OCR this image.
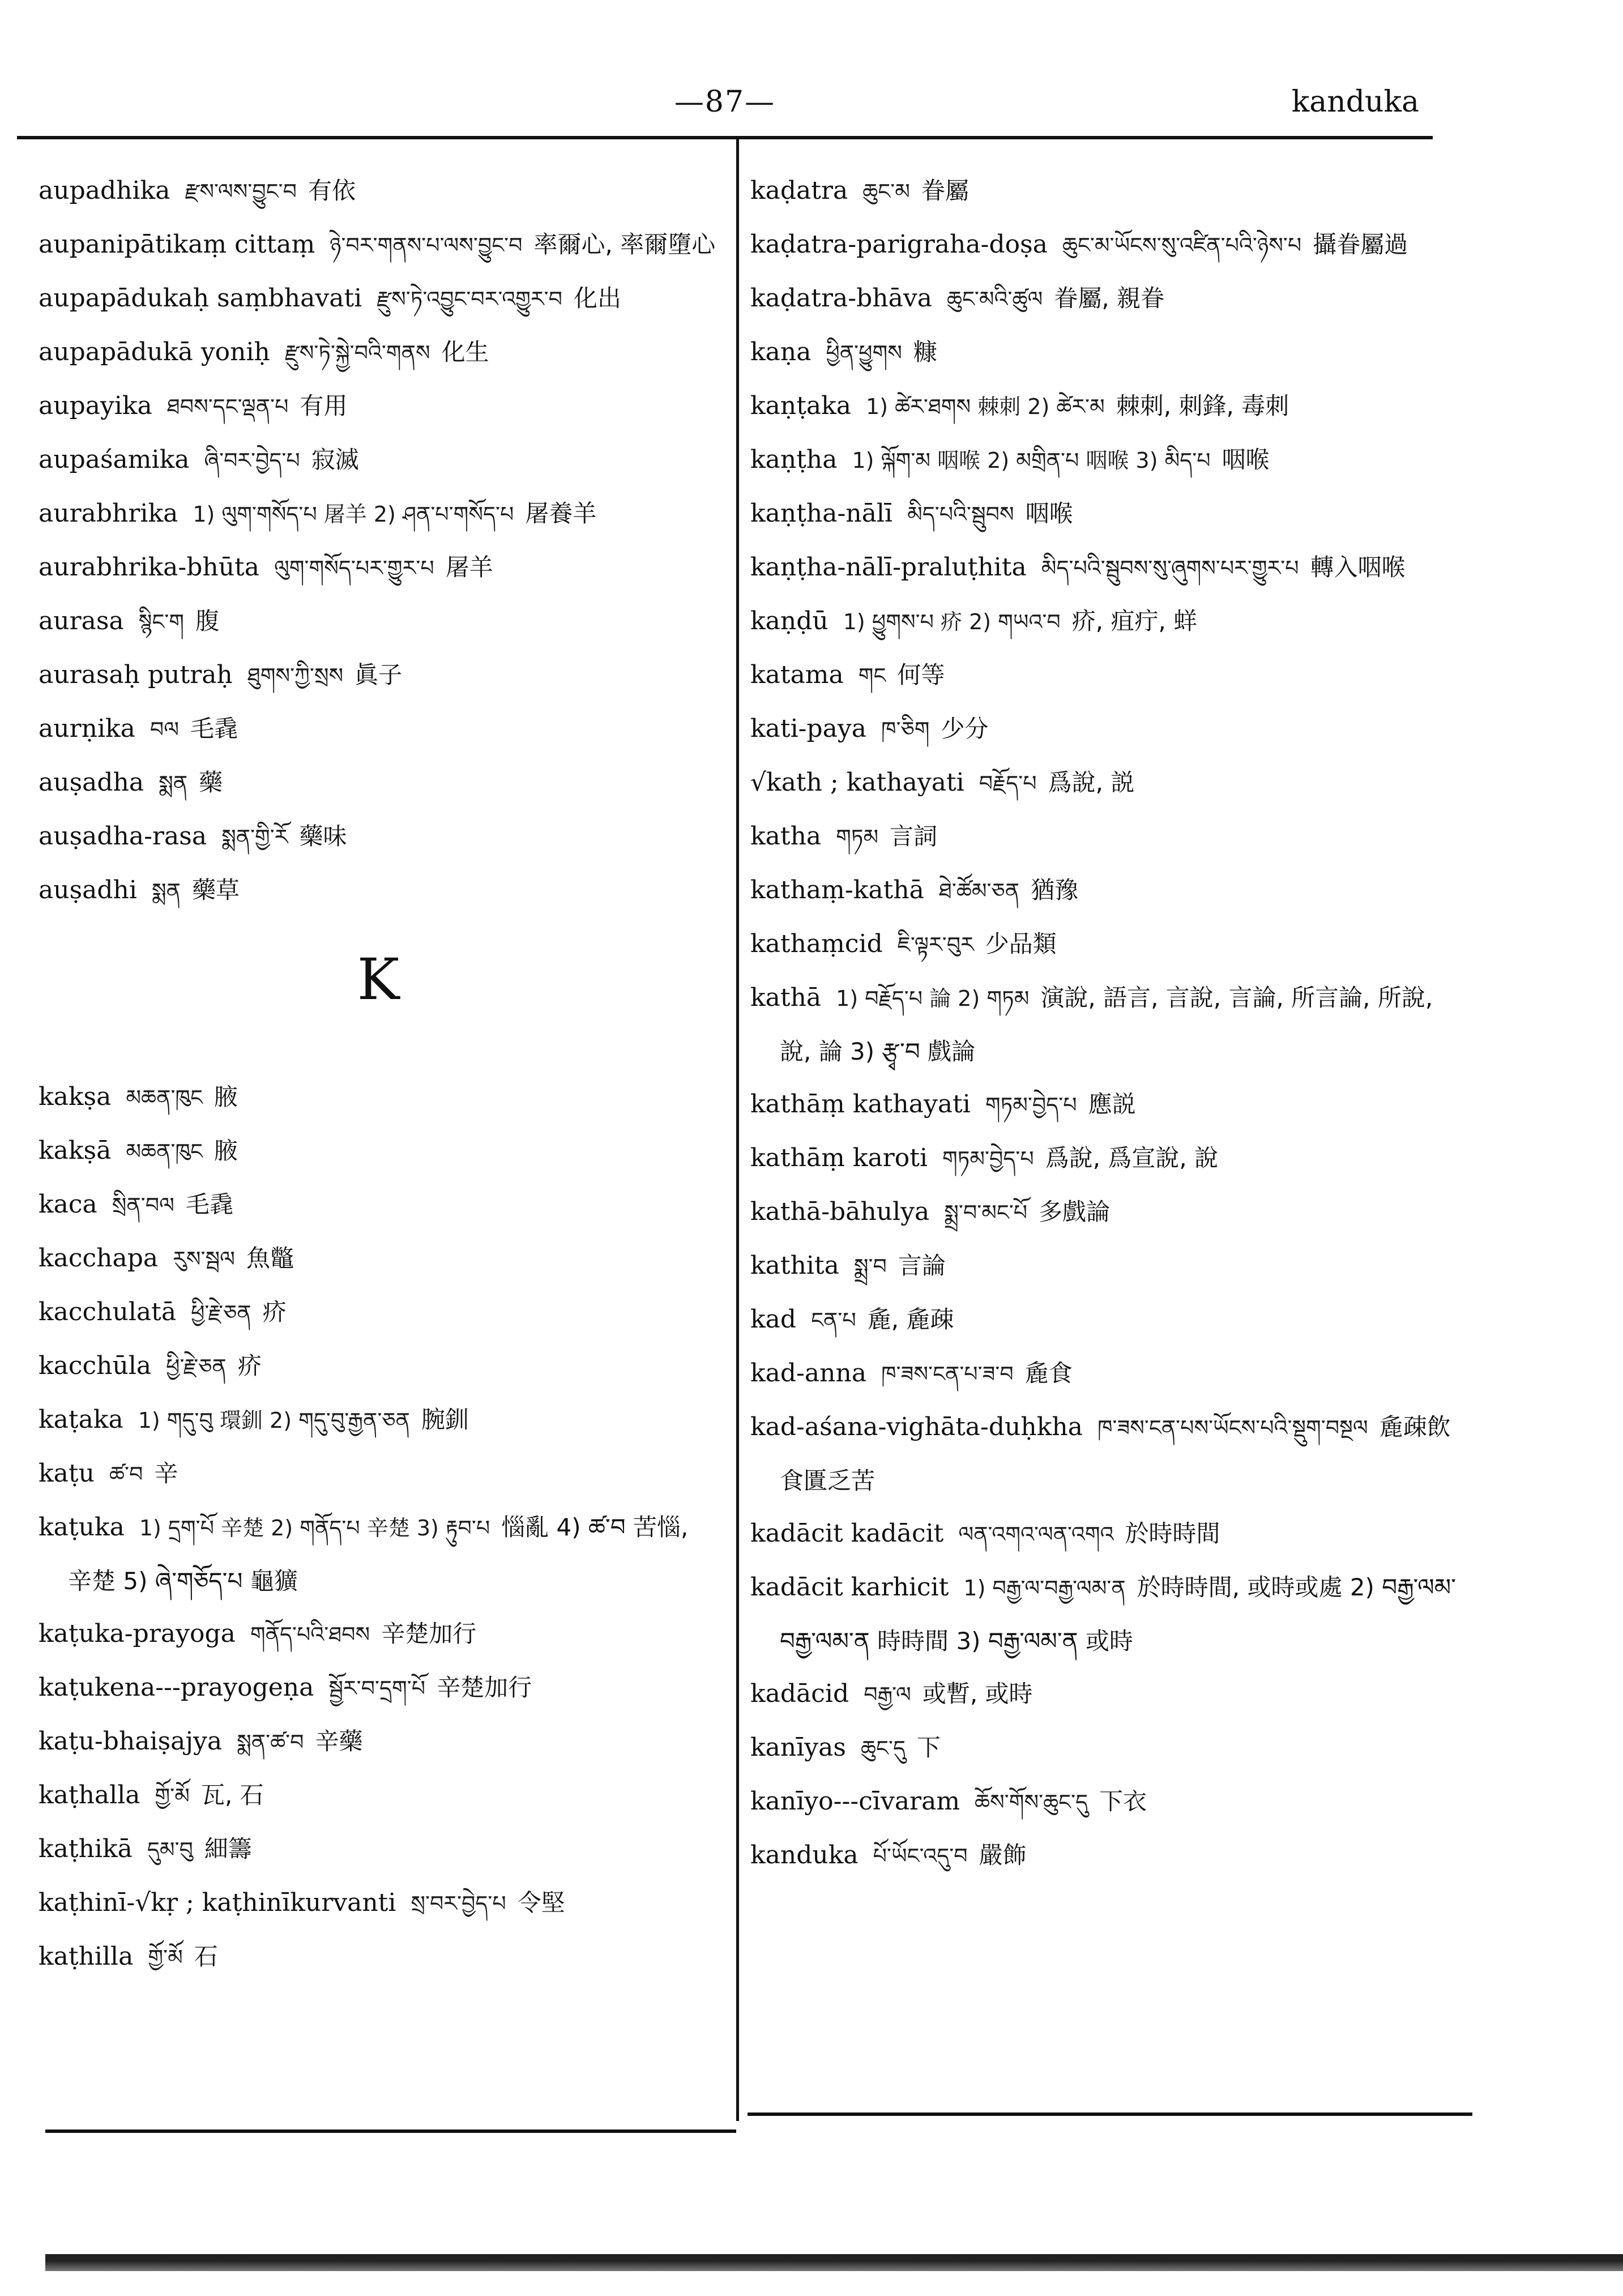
—87—	kanduka
aupadhika རྫས་ལས་བྱུང་བ 有依
aupanipātikaṃ cittaṃ ཉེ་བར་གནས་པ་ལས་བྱུང་བ 率爾心, 率爾墮心
aupapādukaḥ saṃbhavati རྫུས་ཏེ་འབྱུང་བར་འགྱུར་བ 化出
aupapādukā yoniḥ རྫུས་ཏེ་སྐྱེ་བའི་གནས 化生
aupayika ཐབས་དང་ལྡན་པ 有用
aupaśamika ཞི་བར་བྱེད་པ 寂滅
aurabhrika 1) ལུག་གསོད་པ 屠羊 2) ཤན་པ་གསོད་པ 屠養羊
aurabhrika-bhūta ལུག་གསོད་པར་གྱུར་པ 屠羊
aurasa སྙིང་ག 腹
aurasaḥ putraḥ ཐུགས་ཀྱི་སྲས 眞子
aurṇika བལ 毛毳
auṣadha སྨན 藥
auṣadha-rasa སྨན་གྱི་རོ 藥味
auṣadhi སྨན 藥草
K
kakṣa མཆན་ཁུང 腋
kakṣā མཆན་ཁུང 腋
kaca སྲིན་བལ 毛毳
kacchapa རུས་སྦལ 魚鼈
kacchulatā ཕྱི་རྗེ་ཅན 疥
kacchūla ཕྱི་རྗེ་ཅན 疥
kaṭaka 1) གདུ་བུ 環釧 2) གདུ་བུ་རྒྱན་ཅན 腕釧
kaṭu ཚ་བ 辛
kaṭuka 1) དྲག་པོ 辛楚 2) གནོད་པ 辛楚 3) རྟུབ་པ 惱亂 4) ཚ་བ 苦惱, 辛楚 5) ཞེ་གཅོད་པ 龜獷
kaṭuka-prayoga གནོད་པའི་ཐབས 辛楚加行
kaṭukena---prayogeṇa སྦྱོར་བ་དྲག་པོ 辛楚加行
kaṭu-bhaiṣajya སྨན་ཚ་བ 辛藥
kaṭhalla གྱོ་མོ 瓦, 石
kaṭhikā དུམ་བུ 細籌
kaṭhinī-√kṛ ; kaṭhinīkurvanti སྲ་བར་བྱེད་པ 令堅
kaṭhilla གྱོ་མོ 石
kaḍatra ཆུང་མ 眷屬
kaḍatra-parigraha-doṣa ཆུང་མ་ཡོངས་སུ་འཛིན་པའི་ཉེས་པ 攝眷屬過
kaḍatra-bhāva ཆུང་མའི་ཚུལ 眷屬, 親眷
kaṇa ཕྱིན་ཕྱུགས 糠
kaṇṭaka 1) ཚེར་ཐགས 棘刺 2) ཚེར་མ 棘刺, 刺鋒, 毒刺
kaṇṭha 1) ལྐོག་མ 咽喉 2) མགྲིན་པ 咽喉 3) མིད་པ 咽喉
kaṇṭha-nālī མིད་པའི་སྦུབས 咽喉
kaṇṭha-nālī-praluṭhita མིད་པའི་སྦུབས་སུ་ཞུགས་པར་གྱུར་པ 轉入咽喉
kaṇḍū 1) ཕྱུགས་པ 疥 2) གཡའ་བ 疥, 疽疔, 蛘
katama གང 何等
kati-paya ཁ་ཅིག 少分
√kath ; kathayati བརྗོད་པ 爲說, 説
katha གཏམ 言詞
kathaṃ-kathā ཐེ་ཚོམ་ཅན 猶豫
kathaṃcid ཇི་ལྟར་བུར 少品類
kathā 1) བརྗོད་པ 論 2) གཏམ 演說, 語言, 言說, 言論, 所言論, 所說, 說, 論 3) རྩྭ་བ 戲論
kathāṃ kathayati གཏམ་བྱེད་པ 應説
kathāṃ karoti གཏམ་བྱེད་པ 爲說, 爲宣說, 說
kathā-bāhulya སྨྲ་བ་མང་པོ 多戲論
kathita སྨྲ་བ 言論
kad ངན་པ 麁, 麁疎
kad-anna ཁ་ཟས་ངན་པ་ཟ་བ 麁食
kad-aśana-vighāta-duḥkha ཁ་ཟས་ངན་པས་ཡོངས་པའི་སྡུག་བསྔལ 麁疎飲食匱乏苦
kadācit kadācit ལན་འགའ་ལན་འགའ 於時時間
kadācit karhicit 1) བརྒྱ་ལ་བརྒྱ་ལམ་ན 於時時間, 或時或處 2) བརྒྱ་ལམ་བརྒྱ་ལམ་ན 時時間 3) བརྒྱ་ལམ་ན 或時
kadācid བརྒྱ་ལ 或暫, 或時
kanīyas ཆུང་དུ 下
kanīyo---cīvaram ཆོས་གོས་ཆུང་དུ 下衣
kanduka པོ་ཡོང་འདུ་བ 嚴飾
